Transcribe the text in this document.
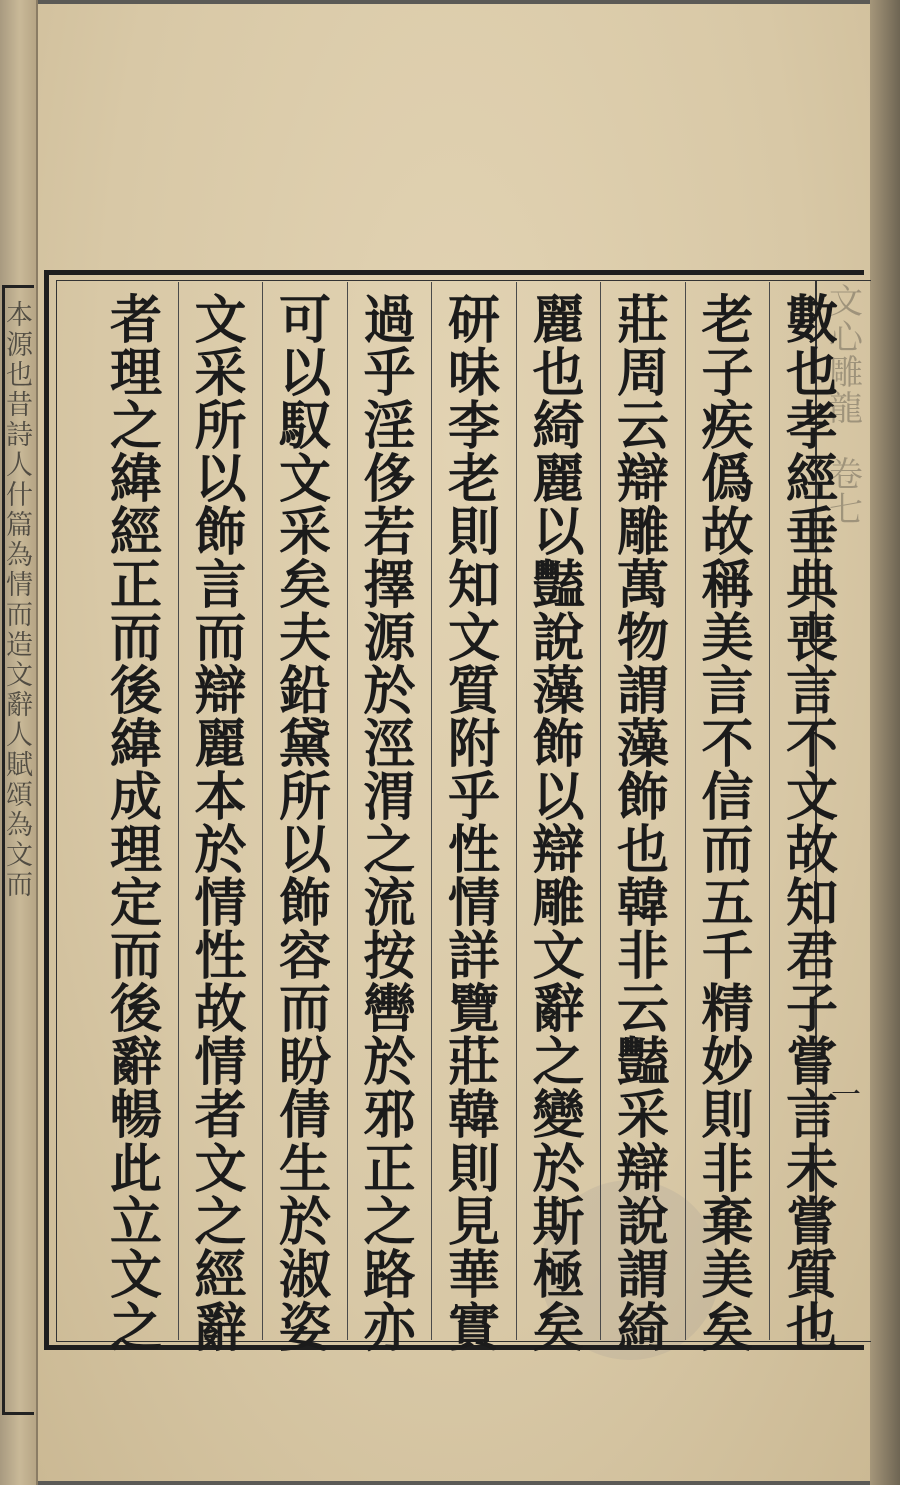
本
源
也
昔
詩
人
什
篇
為
情
而
造
文
辭
人
賦
頌
為
文
而
文
心
雕
龍
卷
七
一
數
也
孝
經
垂
典
喪
言
不
文
故
知
君
子
嘗
言
未
嘗
質
也
老
子
疾
僞
故
稱
美
言
不
信
而
五
千
精
妙
則
非
棄
美
矣
莊
周
云
辯
雕
萬
物
謂
藻
飾
也
韓
非
云
豔
采
辯
說
謂
綺
麗
也
綺
麗
以
豔
說
藻
飾
以
辯
雕
文
辭
之
變
於
斯
極
矣
研
味
李
老
則
知
文
質
附
乎
性
情
詳
覽
莊
韓
則
見
華
實
過
乎
淫
侈
若
擇
源
於
涇
渭
之
流
按
轡
於
邪
正
之
路
亦
可
以
馭
文
采
矣
夫
鉛
黛
所
以
飾
容
而
盼
倩
生
於
淑
姿
文
采
所
以
飾
言
而
辯
麗
本
於
情
性
故
情
者
文
之
經
辭
者
理
之
緯
經
正
而
後
緯
成
理
定
而
後
辭
暢
此
立
文
之
